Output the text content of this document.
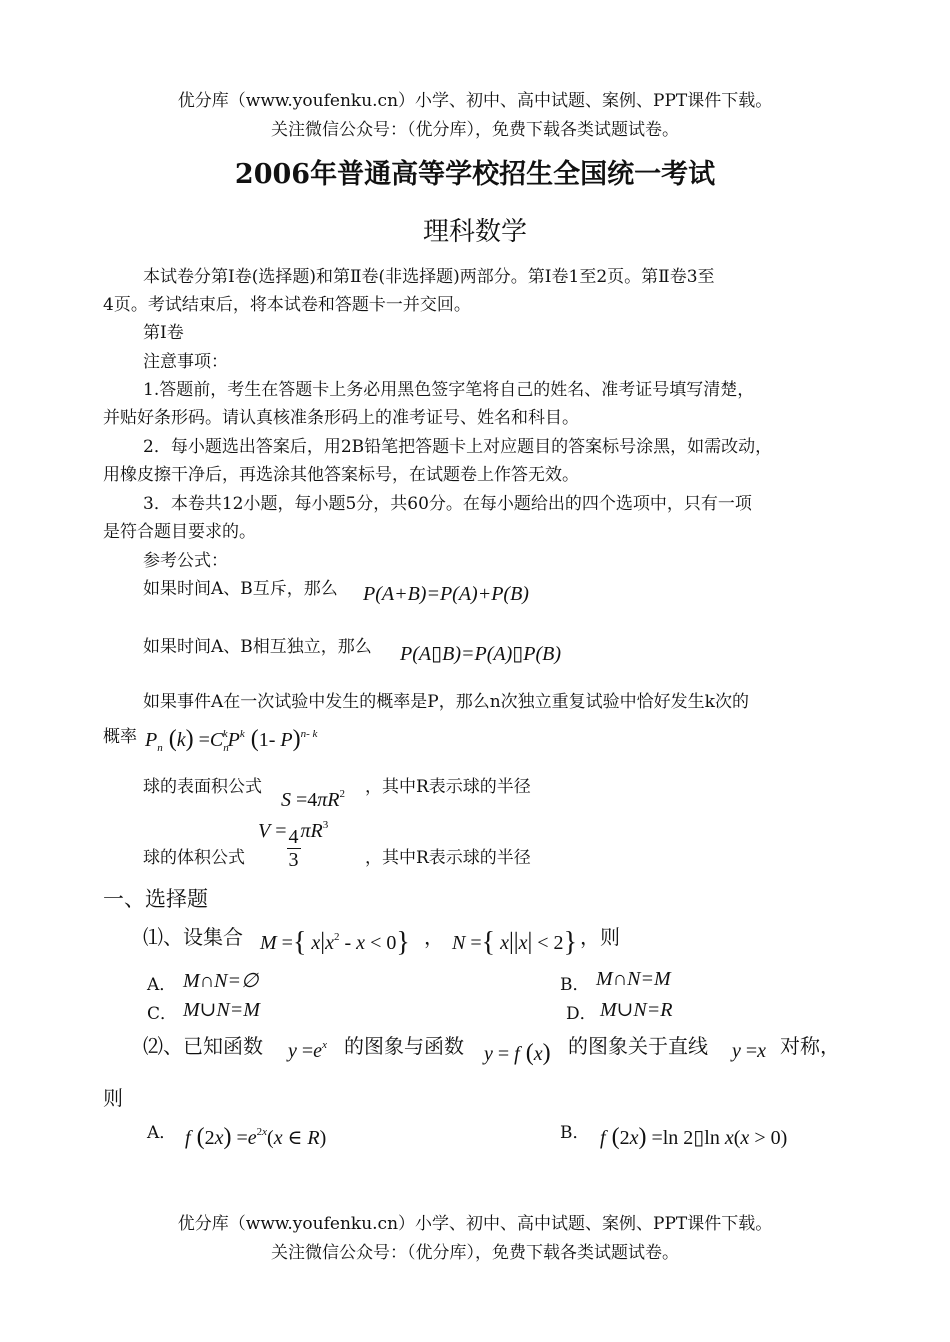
优分库（www.youfenku.cn）小学、初中、高中试题、案例、PPT课件下载。
关注微信公众号：（优分库），免费下载各类试题试卷。
2006年普通高等学校招生全国统一考试
理科数学
本试卷分第Ⅰ卷(选择题)和第Ⅱ卷(非选择题)两部分。第Ⅰ卷1至2页。第Ⅱ卷3至
4页。考试结束后，将本试卷和答题卡一并交回。
第Ⅰ卷
注意事项：
1.答题前，考生在答题卡上务必用黑色签字笔将自己的姓名、准考证号填写清楚，
并贴好条形码。请认真核准条形码上的准考证号、姓名和科目。
2．每小题选出答案后，用2B铅笔把答题卡上对应题目的答案标号涂黑，如需改动，
用橡皮擦干净后，再选涂其他答案标号，在试题卷上作答无效。
3．本卷共12小题，每小题5分，共60分。在每小题给出的四个选项中，只有一项
是符合题目要求的。
参考公式：
如果时间A、B互斥，那么 P(A+B)=P(A)+P(B)
如果时间A、B相互独立，那么 P(A▯B)=P(A)▯P(B)
如果事件A在一次试验中发生的概率是P，那么n次独立重复试验中恰好发生k次的
概率 $P_n$ $(k) =C_n^kP^k$ (1- P)$^{n- k}$
球的表面积公式
$S =4\pi R^2$ ，其中R表示球的半径
球的体积公式
$V = \frac{4}{3} \pi R^3$
，其中R表示球的半径
一、选择题
⑴、设集合 M ={ $x|x^2 - x < 0$} ， N ={ x||x| < 2} ，则
A． M∩N=∅	B． M∩N=M
C． M∪N=M	D． M∪N=R
⑵、已知函数 $y =e^x$ 的图象与函数 y = f (x) 的图象关于直线 y =x 对称，
则
A． f $(2x) =e^{2x}(x$ ∈ R)	B． f (2x) =ln 2▯ln x(x > 0)
优分库（www.youfenku.cn）小学、初中、高中试题、案例、PPT课件下载。
关注微信公众号：（优分库），免费下载各类试题试卷。
